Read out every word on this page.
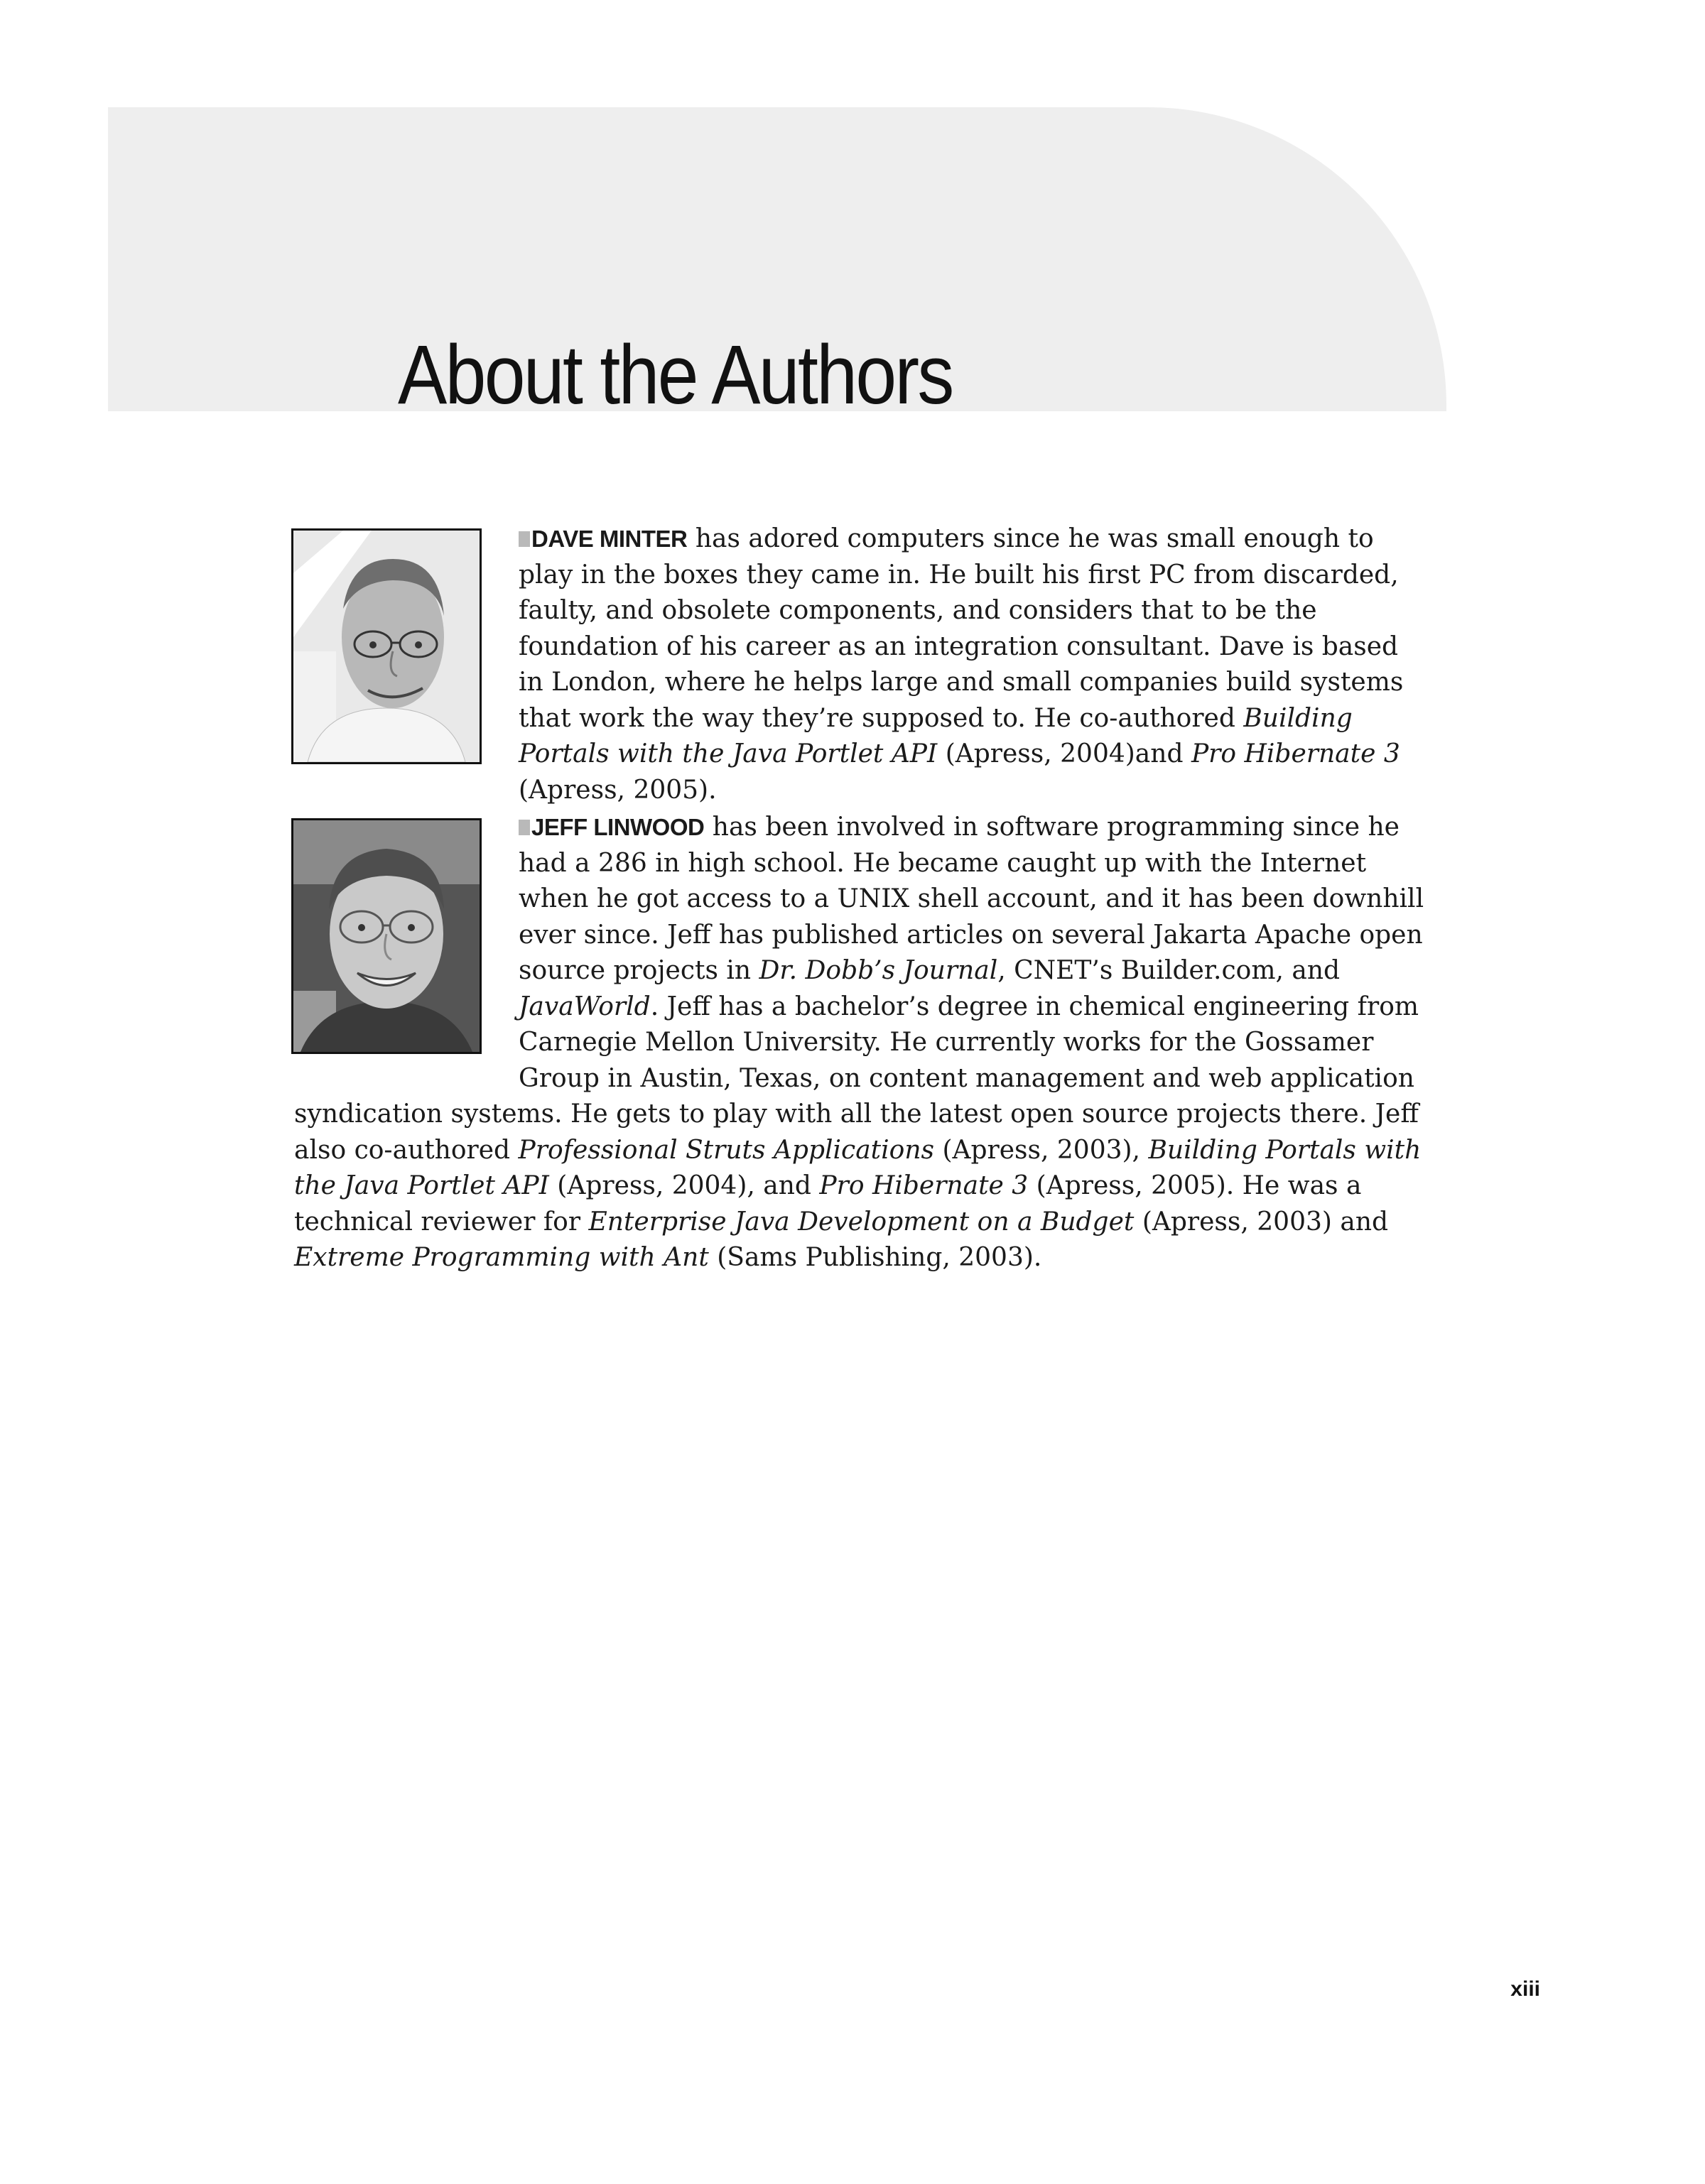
About the Authors

DAVE MINTER has adored computers since he was small enough to play in the boxes they came in. He built his first PC from discarded, faulty, and obsolete components, and considers that to be the foundation of his career as an integration consultant. Dave is based in London, where he helps large and small companies build systems that work the way they’re supposed to. He co-authored Building Portals with the Java Portlet API (Apress, 2004)and Pro Hibernate 3 (Apress, 2005).

JEFF LINWOOD has been involved in software programming since he had a 286 in high school. He became caught up with the Internet when he got access to a UNIX shell account, and it has been downhill ever since. Jeff has published articles on several Jakarta Apache open source projects in Dr. Dobb’s Journal, CNET’s Builder.com, and JavaWorld. Jeff has a bachelor’s degree in chemical engineering from Carnegie Mellon University. He currently works for the Gossamer Group in Austin, Texas, on content management and web application syndication systems. He gets to play with all the latest open source projects there. Jeff also co-authored Professional Struts Applications (Apress, 2003), Building Portals with the Java Portlet API (Apress, 2004), and Pro Hibernate 3 (Apress, 2005). He was a technical reviewer for Enterprise Java Development on a Budget (Apress, 2003) and Extreme Programming with Ant (Sams Publishing, 2003).

xiii
